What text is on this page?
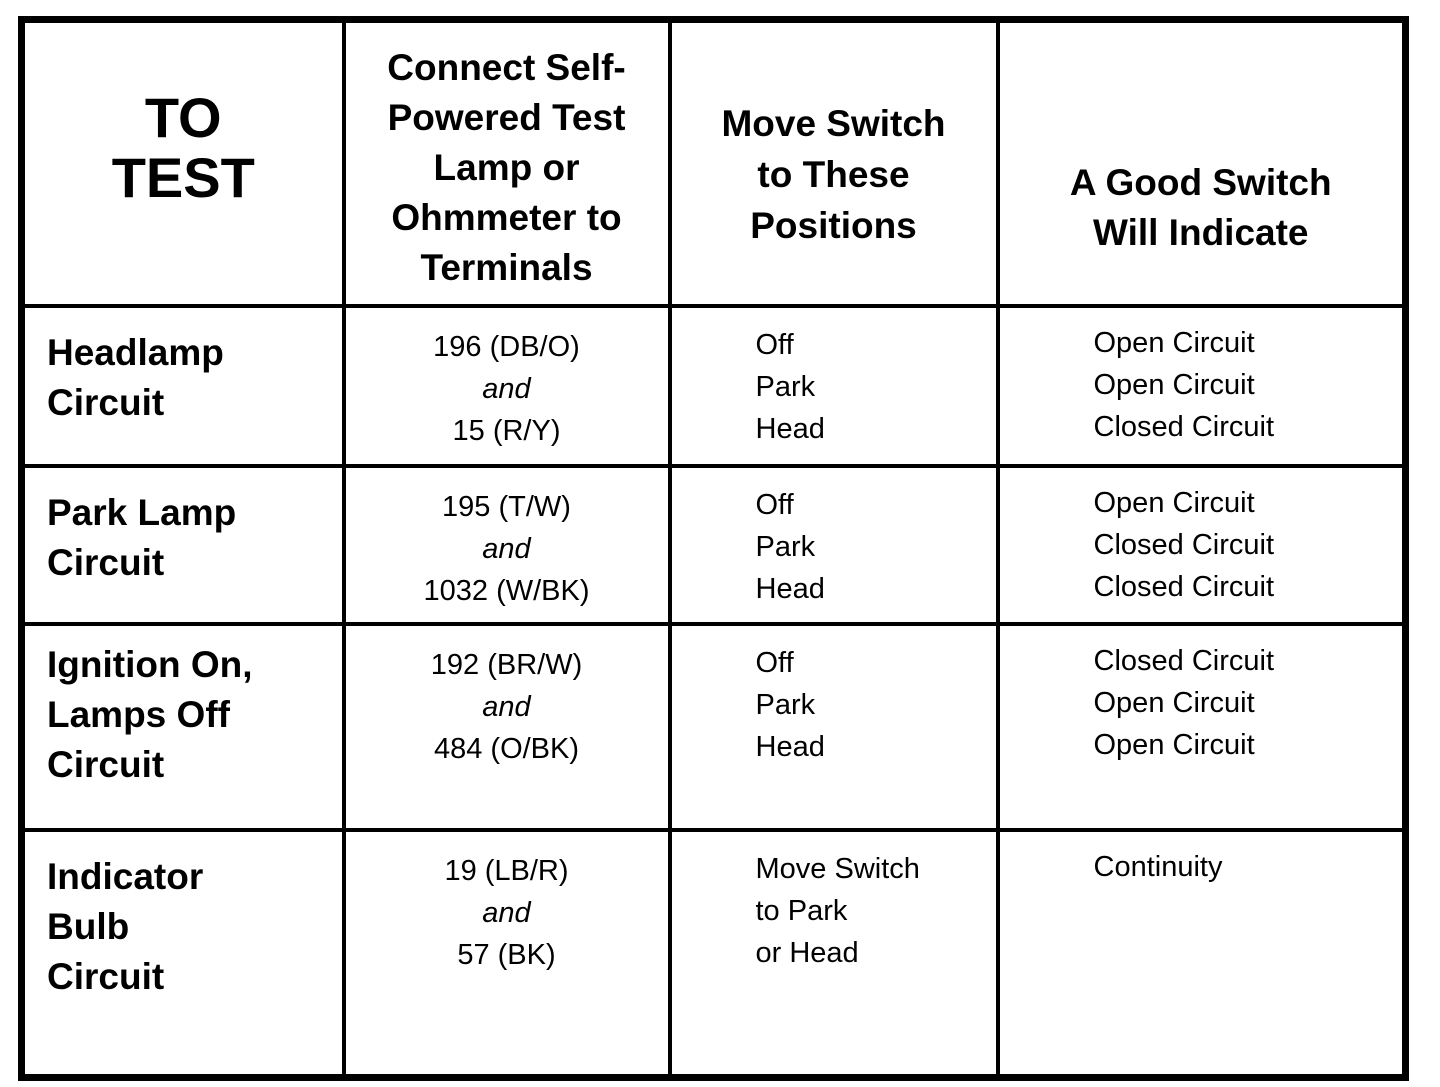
TO
TEST	Connect Self-
Powered Test
Lamp or
Ohmmeter to
Terminals	Move Switch
to These
Positions	A Good Switch
Will Indicate

Headlamp
Circuit	196 (DB/O)
and
15 (R/Y)	Off
Park
Head	Open Circuit
Open Circuit
Closed Circuit

Park Lamp
Circuit	195 (T/W)
and
1032 (W/BK)	Off
Park
Head	Open Circuit
Closed Circuit
Closed Circuit

Ignition On,
Lamps Off
Circuit	192 (BR/W)
and
484 (O/BK)	Off
Park
Head	Closed Circuit
Open Circuit
Open Circuit

Indicator
Bulb
Circuit	19 (LB/R)
and
57 (BK)	Move Switch
to Park
or Head	Continuity
